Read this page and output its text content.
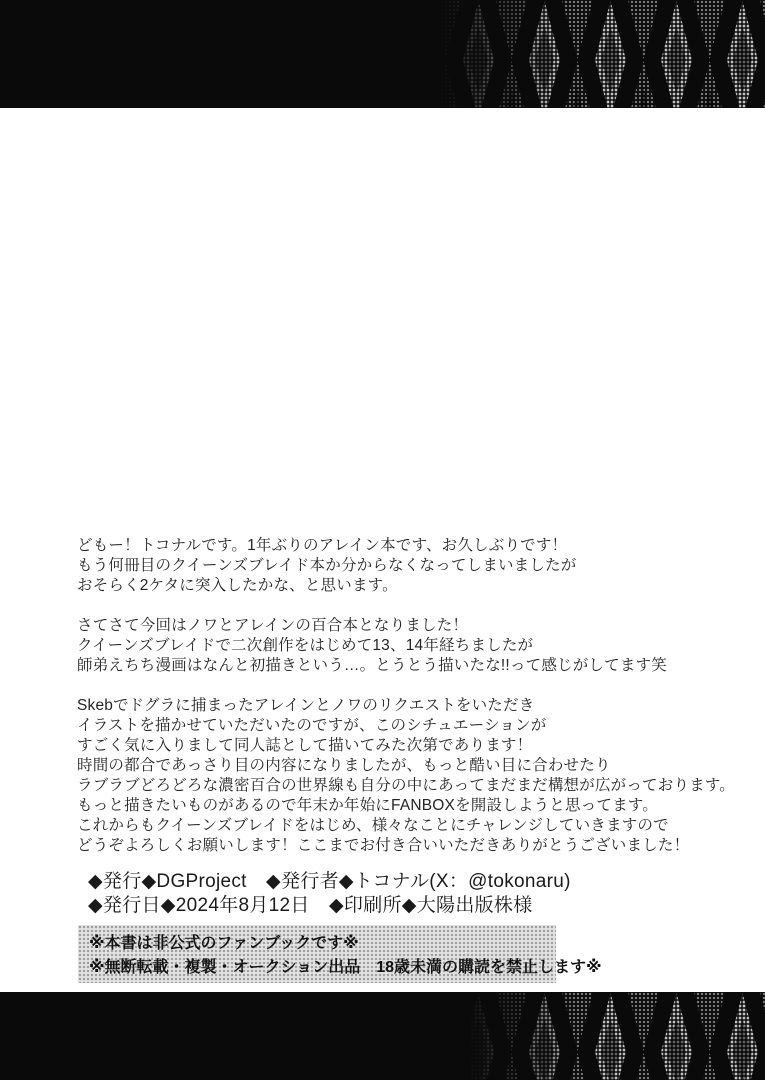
どもー！トコナルです。1年ぶりのアレイン本です、お久しぶりです！
もう何冊目のクイーンズブレイド本か分からなくなってしまいましたが
おそらく2ケタに突入したかな、と思います。
さてさて今回はノワとアレインの百合本となりました！
クイーンズブレイドで二次創作をはじめて13、14年経ちましたが
師弟えちち漫画はなんと初描きという…。とうとう描いたな!!って感じがしてます笑
Skebでドグラに捕まったアレインとノワのリクエストをいただき
イラストを描かせていただいたのですが、このシチュエーションが
すごく気に入りまして同人誌として描いてみた次第であります！
時間の都合であっさり目の内容になりましたが、もっと酷い目に合わせたり
ラブラブどろどろな濃密百合の世界線も自分の中にあってまだまだ構想が広がっております。
もっと描きたいものがあるので年末か年始にFANBOXを開設しようと思ってます。
これからもクイーンズブレイドをはじめ、様々なことにチャレンジしていきますので
どうぞよろしくお願いします！ここまでお付き合いいただきありがとうございました！
◆発行◆DGProject　◆発行者◆トコナル(X：@tokonaru)
◆発行日◆2024年8月12日　◆印刷所◆大陽出版株様
※本書は非公式のファンブックです※
※無断転載・複製・オークション出品　18歳未満の購読を禁止します※
